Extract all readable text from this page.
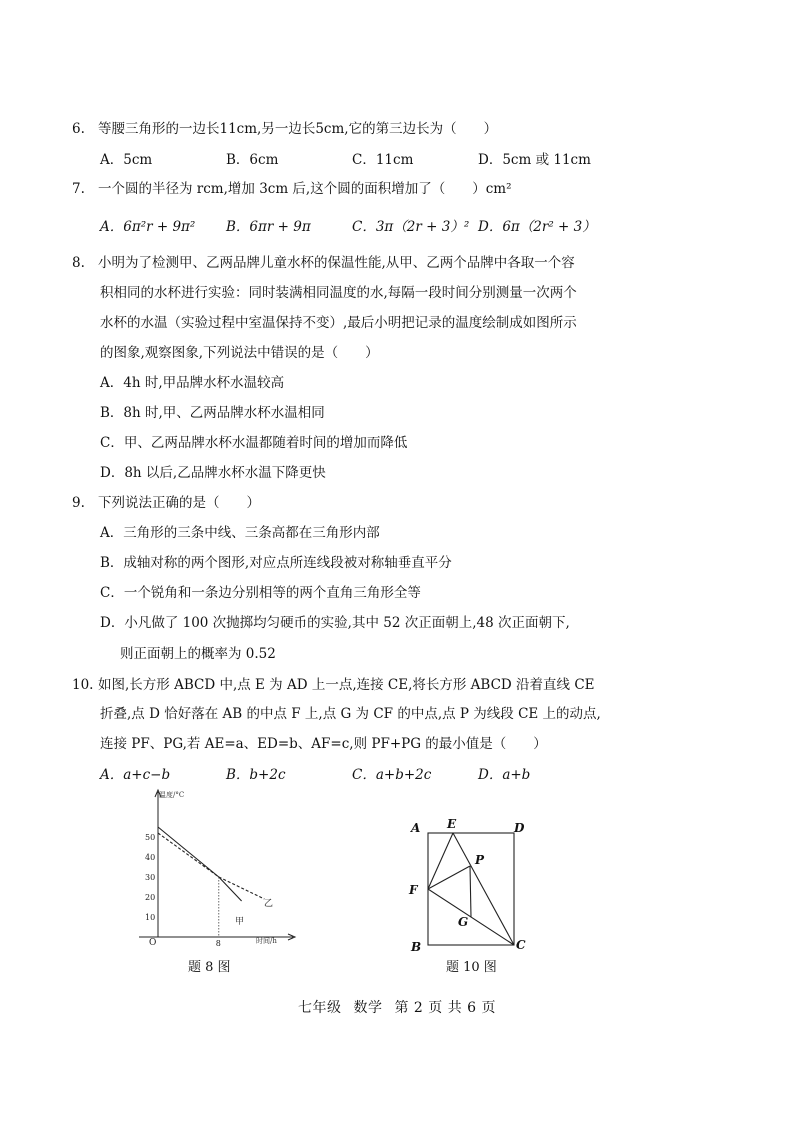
6. 等腰三角形的一边长11cm,另一边长5cm,它的第三边长为（　　）
A．5cm	B．6cm	C．11cm	D．5cm 或 11cm
7. 一个圆的半径为 rcm,增加 3cm 后,这个圆的面积增加了（　　）cm²
A．6π²r + 9π² B．6πr + 9π	C．3π（2r + 3）² D．6π（2r² + 3）
8. 小明为了检测甲、乙两品牌儿童水杯的保温性能,从甲、乙两个品牌中各取一个容
积相同的水杯进行实验：同时装满相同温度的水,每隔一段时间分别测量一次两个
水杯的水温（实验过程中室温保持不变）,最后小明把记录的温度绘制成如图所示
的图象,观察图象,下列说法中错误的是（　　）
A．4h 时,甲品牌水杯水温较高
B．8h 时,甲、乙两品牌水杯水温相同
C．甲、乙两品牌水杯水温都随着时间的增加而降低
D．8h 以后,乙品牌水杯水温下降更快
9. 下列说法正确的是（　　）
A．三角形的三条中线、三条高都在三角形内部
B．成轴对称的两个图形,对应点所连线段被对称轴垂直平分
C．一个锐角和一条边分别相等的两个直角三角形全等
D．小凡做了 100 次抛掷均匀硬币的实验,其中 52 次正面朝上,48 次正面朝下,
则正面朝上的概率为 0.52
10. 如图,长方形 ABCD 中,点 E 为 AD 上一点,连接 CE,将长方形 ABCD 沿着直线 CE
折叠,点 D 恰好落在 AB 的中点 F 上,点 G 为 CF 的中点,点 P 为线段 CE 上的动点,
连接 PF、PG,若 AE=a、ED=b、AF=c,则 PF+PG 的最小值是（　　）
A．a+c−b	B．b+2c	C．a+b+2c	D．a+b
温度/°C
时间/h
O
10
20
30
40
50
8
乙
甲
题 8 图
A E	D
P
F
G
B	C
题 10 图
七年级 数学 第 2 页 共 6 页
